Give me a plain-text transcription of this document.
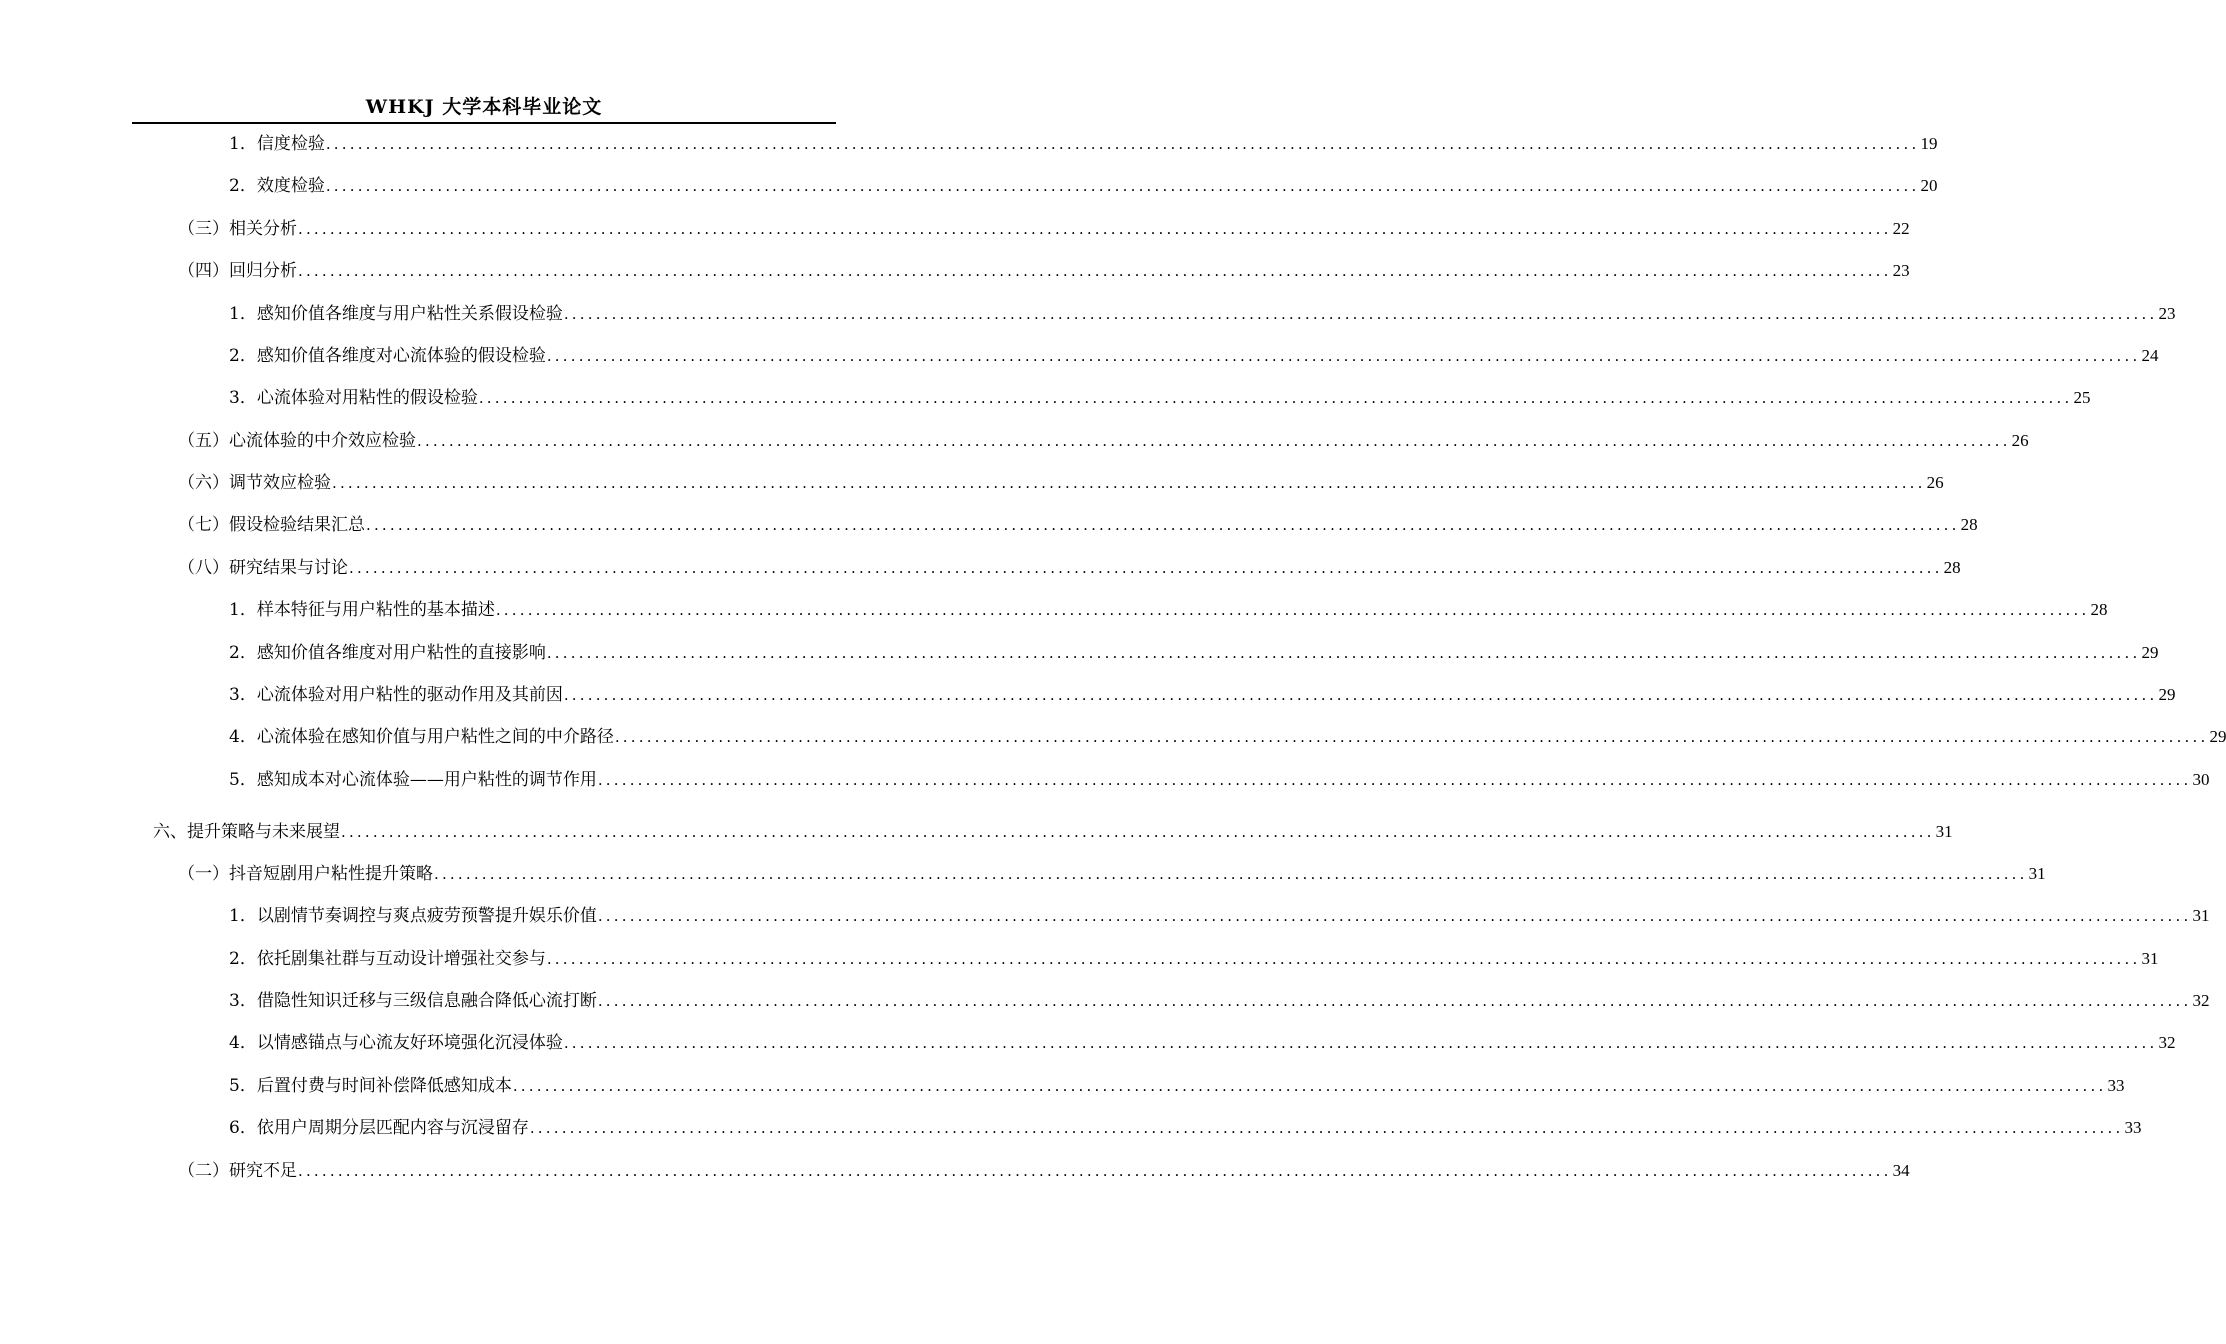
WHKJ 大学本科毕业论文
1．信度检验 ........................................................................................................................................................................................................ 19
2．效度检验 ........................................................................................................................................................................................................ 20
（三）相关分析 ........................................................................................................................................................................................................ 22
（四）回归分析 ........................................................................................................................................................................................................ 23
1．感知价值各维度与用户粘性关系假设检验 ........................................................................................................................................................................................................ 23
2．感知价值各维度对心流体验的假设检验 ........................................................................................................................................................................................................ 24
3．心流体验对用粘性的假设检验 ........................................................................................................................................................................................................ 25
（五）心流体验的中介效应检验 ........................................................................................................................................................................................................ 26
（六）调节效应检验 ........................................................................................................................................................................................................ 26
（七）假设检验结果汇总 ........................................................................................................................................................................................................ 28
（八）研究结果与讨论 ........................................................................................................................................................................................................ 28
1．样本特征与用户粘性的基本描述 ........................................................................................................................................................................................................ 28
2．感知价值各维度对用户粘性的直接影响 ........................................................................................................................................................................................................ 29
3．心流体验对用户粘性的驱动作用及其前因 ........................................................................................................................................................................................................ 29
4．心流体验在感知价值与用户粘性之间的中介路径 ........................................................................................................................................................................................................ 29
5．感知成本对心流体验——用户粘性的调节作用 ........................................................................................................................................................................................................ 30
六、提升策略与未来展望 ........................................................................................................................................................................................................ 31
（一）抖音短剧用户粘性提升策略 ........................................................................................................................................................................................................ 31
1．以剧情节奏调控与爽点疲劳预警提升娱乐价值 ........................................................................................................................................................................................................ 31
2．依托剧集社群与互动设计增强社交参与 ........................................................................................................................................................................................................ 31
3．借隐性知识迁移与三级信息融合降低心流打断 ........................................................................................................................................................................................................ 32
4．以情感锚点与心流友好环境强化沉浸体验 ........................................................................................................................................................................................................ 32
5．后置付费与时间补偿降低感知成本 ........................................................................................................................................................................................................ 33
6．依用户周期分层匹配内容与沉浸留存 ........................................................................................................................................................................................................ 33
（二）研究不足 ........................................................................................................................................................................................................ 34
